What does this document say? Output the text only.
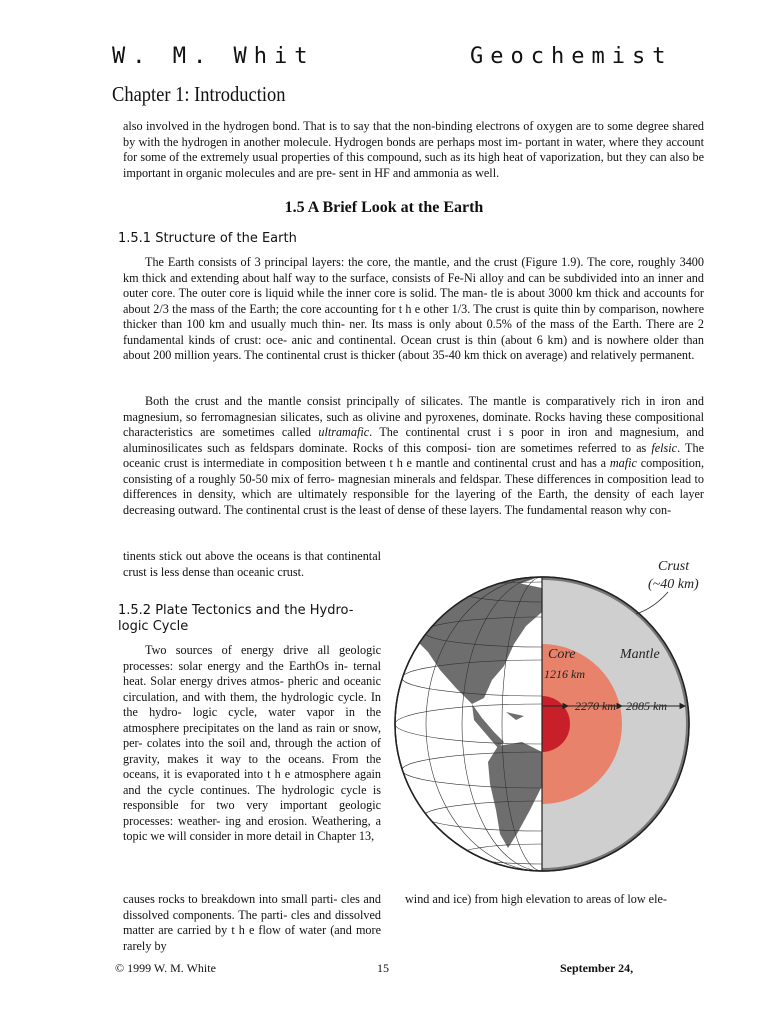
W. M. Whit	Geochemist
Chapter 1: Introduction

also involved in the hydrogen bond. That is to say that the non-binding electrons of oxygen are to some degree shared by with the hydrogen in another molecule. Hydrogen bonds are perhaps most im- portant in water, where they account for some of the extremely usual properties of this compound, such as its high heat of vaporization, but they can also be important in organic molecules and are pre- sent in HF and ammonia as well.

1.5 A Brief Look at the Earth
1.5.1 Structure of the Earth

The Earth consists of 3 principal layers: the core, the mantle, and the crust (Figure 1.9). The core, roughly 3400 km thick and extending about half way to the surface, consists of Fe-Ni alloy and can be subdivided into an inner and outer core. The outer core is liquid while the inner core is solid. The man- tle is about 3000 km thick and accounts for about 2/3 the mass of the Earth; the core accounting for t h e other 1/3. The crust is quite thin by comparison, nowhere thicker than 100 km and usually much thin- ner. Its mass is only about 0.5% of the mass of the Earth. There are 2 fundamental kinds of crust: oce- anic and continental. Ocean crust is thin (about 6 km) and is nowhere older than about 200 million years. The continental crust is thicker (about 35-40 km thick on average) and relatively permanent.

Both the crust and the mantle consist principally of silicates. The mantle is comparatively rich in iron and magnesium, so ferromagnesian silicates, such as olivine and pyroxenes, dominate. Rocks having these compositional characteristics are sometimes called ultramafic. The continental crust i s poor in iron and magnesium, and aluminosilicates such as feldspars dominate. Rocks of this composi- tion are sometimes referred to as felsic. The oceanic crust is intermediate in composition between t h e mantle and continental crust and has a mafic composition, consisting of a roughly 50-50 mix of ferro- magnesian minerals and feldspar. These differences in composition lead to differences in density, which are ultimately responsible for the layering of the Earth, the density of each layer decreasing outward. The continental crust is the least of dense of these layers. The fundamental reason why con-

tinents stick out above the oceans is that continental crust is less dense than oceanic crust.

1.5.2 Plate Tectonics and the Hydro- logic Cycle

Two sources of energy drive all geologic processes: solar energy and the EarthOs in- ternal heat. Solar energy drives atmos- pheric and oceanic circulation, and with them, the hydrologic cycle. In the hydro- logic cycle, water vapor in the atmosphere precipitates on the land as rain or snow, per- colates into the soil and, through the action of gravity, makes it way to the oceans. From the oceans, it is evaporated into t h e atmosphere again and the cycle continues. The hydrologic cycle is responsible for two very important geologic processes: weather- ing and erosion. Weathering, a topic we will consider in more detail in Chapter 13,

causes rocks to breakdown into small parti- cles and dissolved components. The parti- cles and dissolved matter are carried by t h e flow of water (and more rarely by

wind and ice) from high elevation to areas of low ele-

Crust
(~40 km)
Core	Mantle
1216 km
2270 km 2885 km
© 1999 W. M. White	15	September 24,
